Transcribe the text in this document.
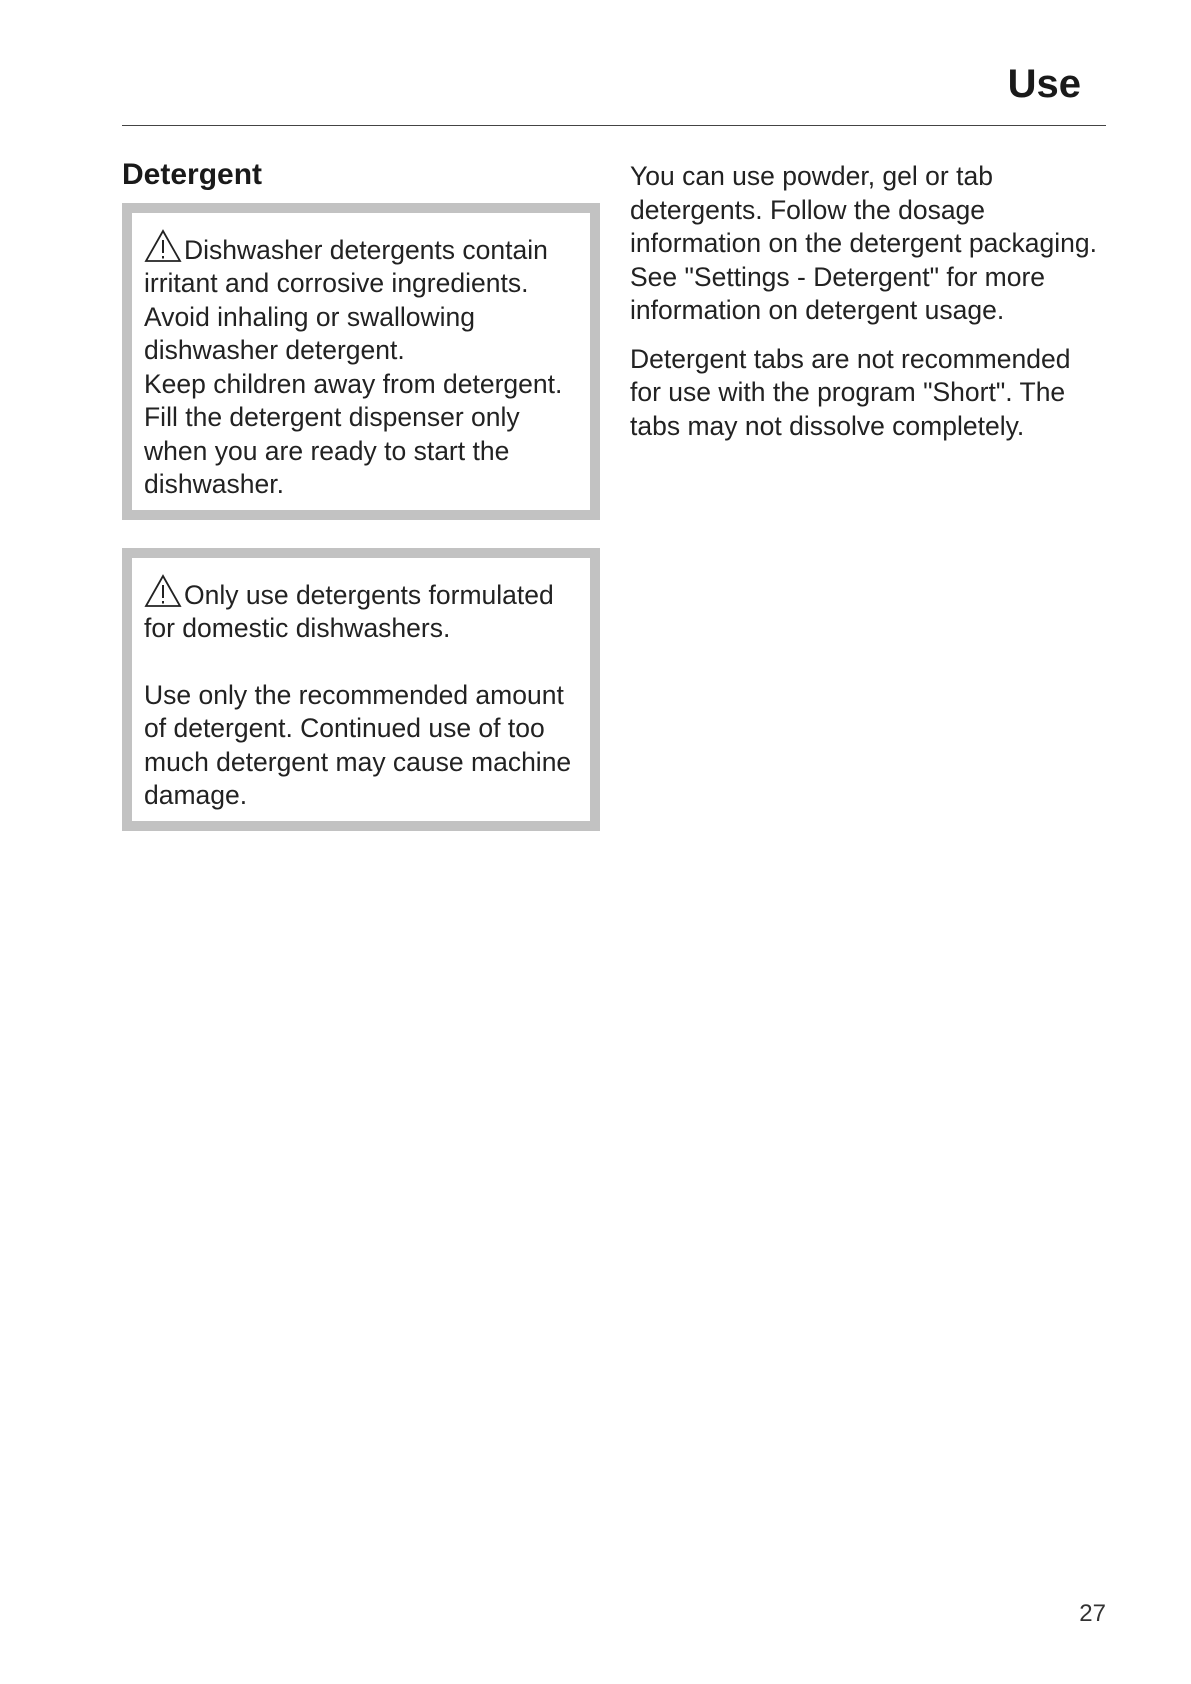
Use
Detergent

Dishwasher detergents contain irritant and corrosive ingredients. Avoid inhaling or swallowing dishwasher detergent.

Keep children away from detergent. Fill the detergent dispenser only when you are ready to start the dishwasher.

Only use detergents formulated for domestic dishwashers.

Use only the recommended amount of detergent. Continued use of too much detergent may cause machine damage.

You can use powder, gel or tab detergents. Follow the dosage information on the detergent packaging. See "Settings - Detergent" for more information on detergent usage.

Detergent tabs are not recommended for use with the program "Short". The tabs may not dissolve completely.

27
